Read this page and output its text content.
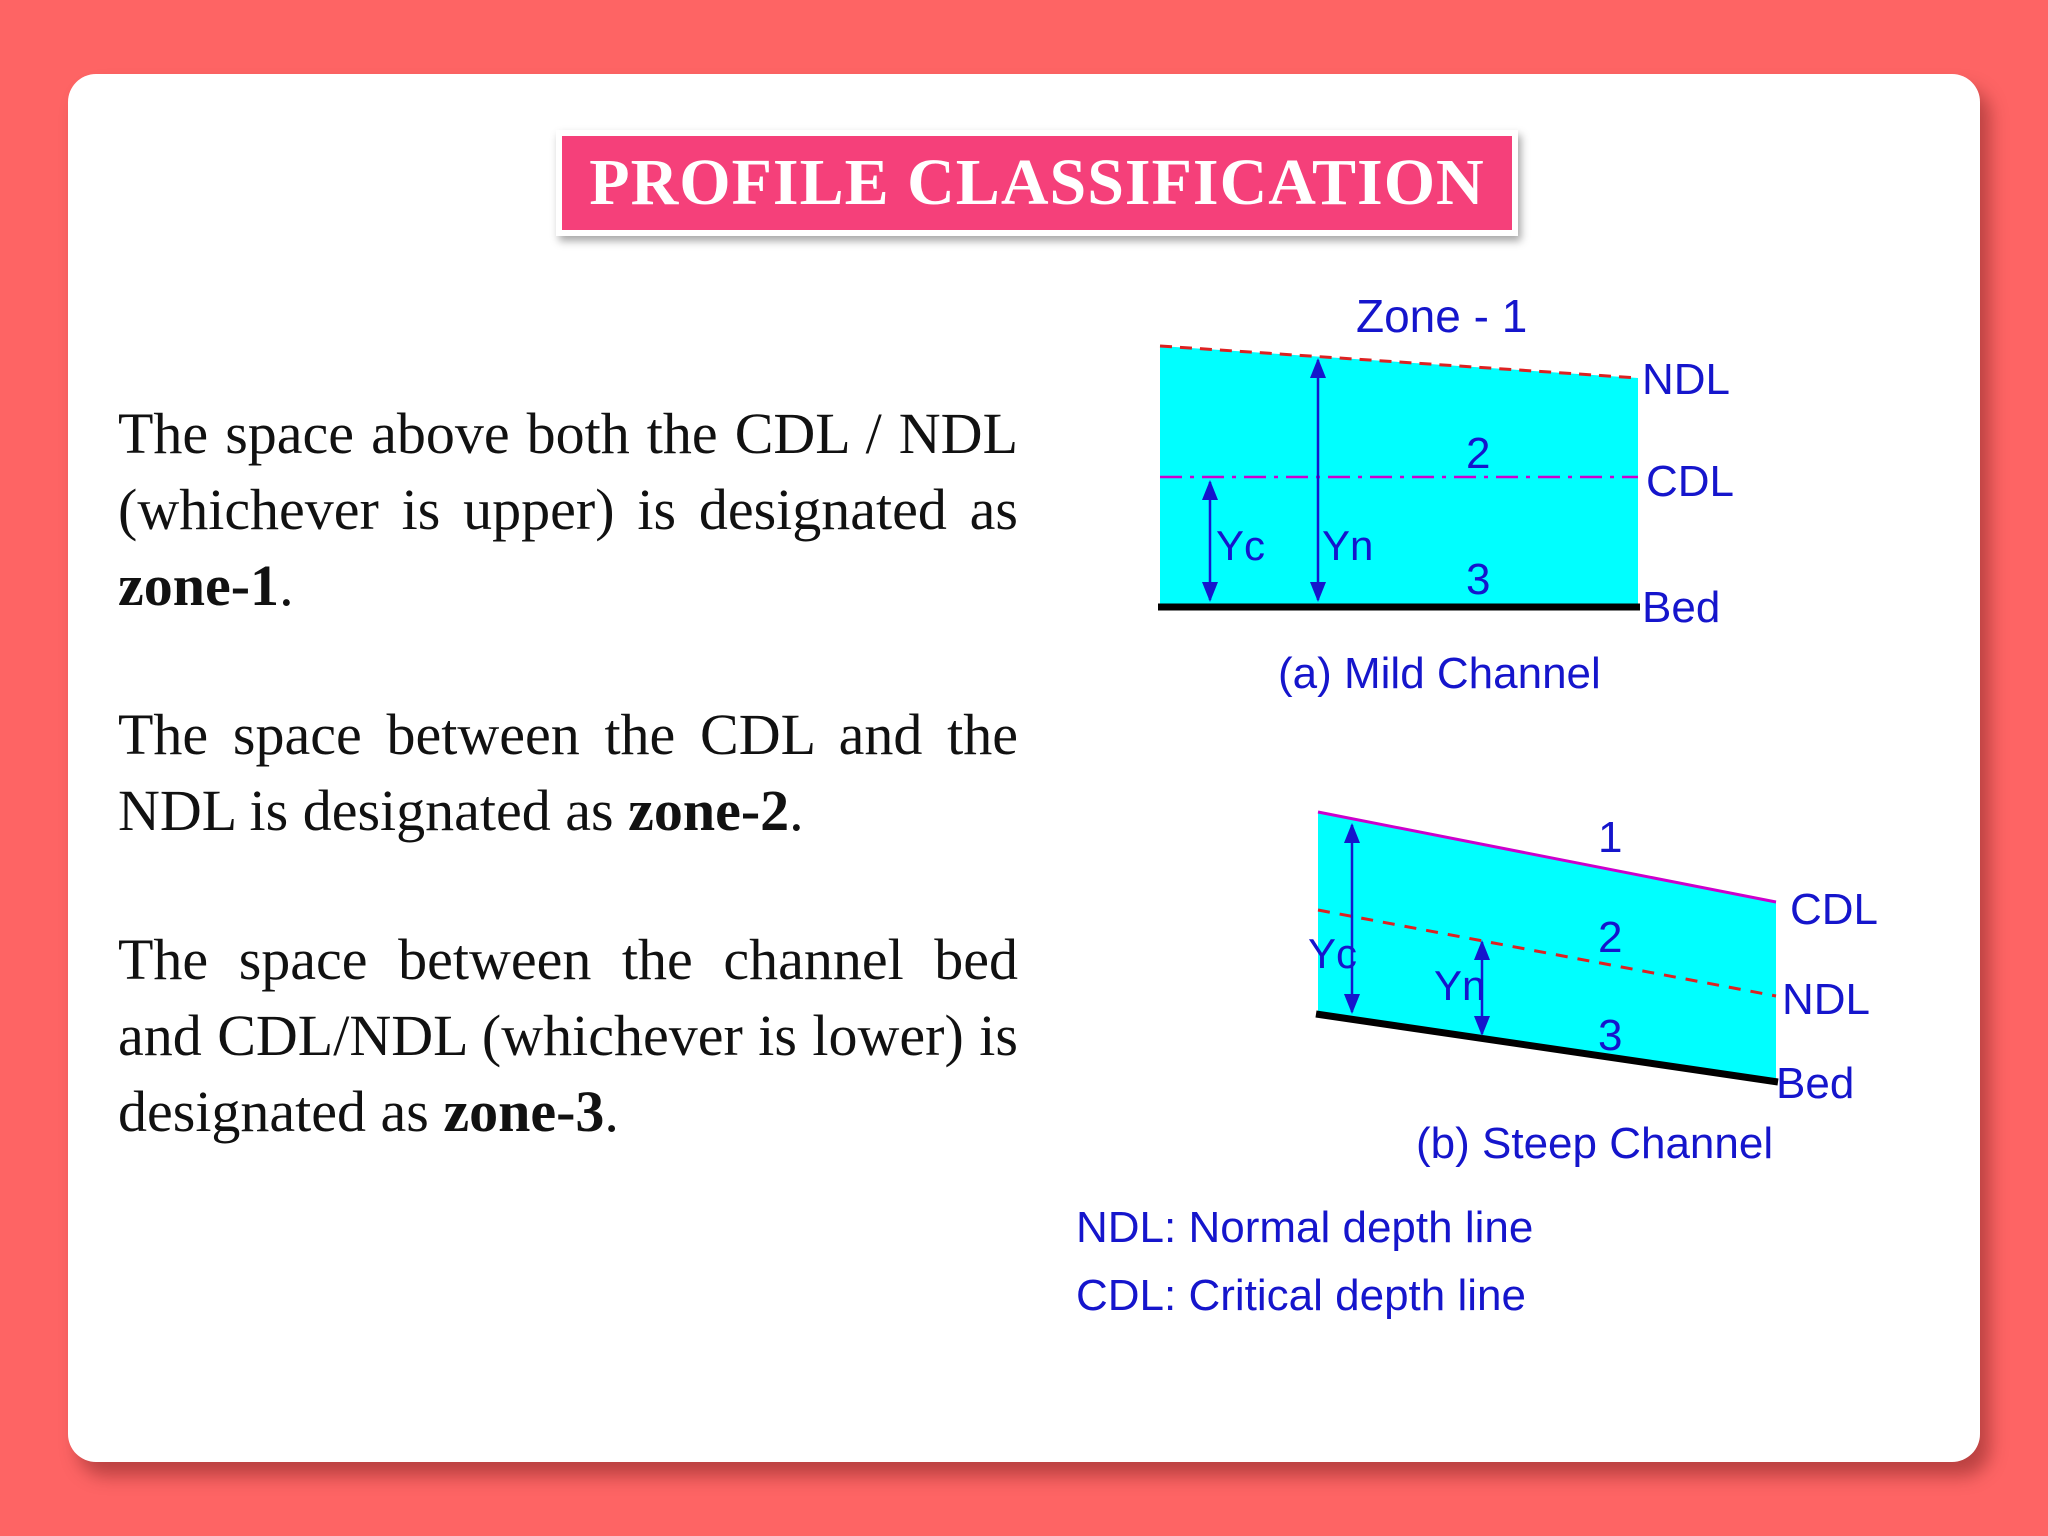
PROFILE CLASSIFICATION

The space above both the CDL / NDL (whichever is upper) is designated as zone-1.

The space between the CDL and the NDL is designated as zone-2.

The space between the channel bed and CDL/NDL (whichever is lower) is designated as zone-3.

Zone - 1
NDL
CDL
Bed
2
3
Yc Yn
(a) Mild Channel
1
2
3
CDL
NDL
Bed
Yc
Yn
(b) Steep Channel
NDL: Normal depth line
CDL: Critical depth line
